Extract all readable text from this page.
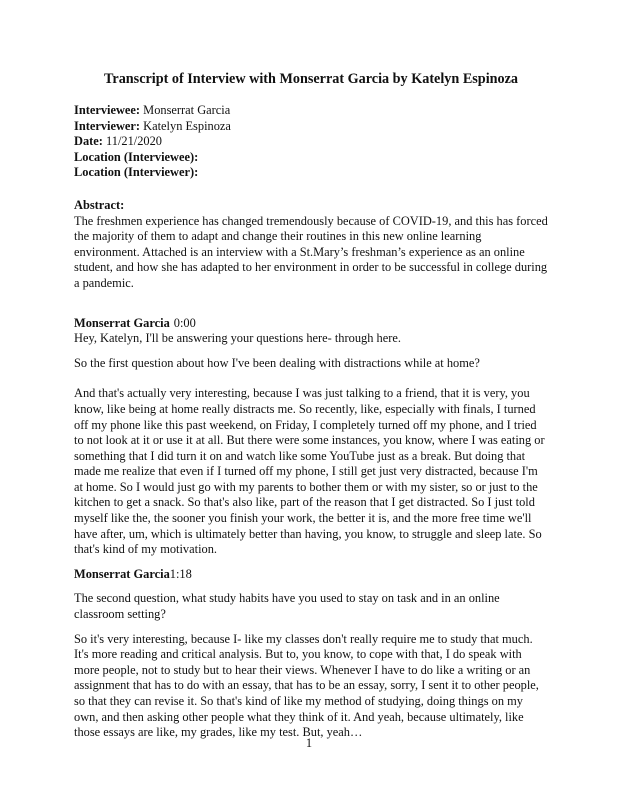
Transcript of Interview with Monserrat Garcia by Katelyn Espinoza

Interviewee: Monserrat Garcia

Interviewer: Katelyn Espinoza

Date: 11/21/2020

Location (Interviewee):

Location (Interviewer):

Abstract:

The freshmen experience has changed tremendously because of COVID-19, and this has forced the majority of them to adapt and change their routines in this new online learning environment. Attached is an interview with a St.Mary’s freshman’s experience as an online student, and how she has adapted to her environment in order to be successful in college during a pandemic.

Monserrat Garcia 0:00

Hey, Katelyn, I'll be answering your questions here- through here.

So the first question about how I've been dealing with distractions while at home?

And that's actually very interesting, because I was just talking to a friend, that it is very, you know, like being at home really distracts me. So recently, like, especially with finals, I turned off my phone like this past weekend, on Friday, I completely turned off my phone, and I tried to not look at it or use it at all. But there were some instances, you know, where I was eating or something that I did turn it on and watch like some YouTube just as a break. But doing that made me realize that even if I turned off my phone, I still get just very distracted, because I'm at home. So I would just go with my parents to bother them or with my sister, so or just to the kitchen to get a snack. So that's also like, part of the reason that I get distracted. So I just told myself like the, the sooner you finish your work, the better it is, and the more free time we'll have after, um, which is ultimately better than having, you know, to struggle and sleep late. So that's kind of my motivation.

Monserrat Garcia1:18

The second question, what study habits have you used to stay on task and in an online classroom setting?

So it's very interesting, because I- like my classes don't really require me to study that much. It's more reading and critical analysis. But to, you know, to cope with that, I do speak with more people, not to study but to hear their views. Whenever I have to do like a writing or an assignment that has to do with an essay, that has to be an essay, sorry, I sent it to other people, so that they can revise it. So that's kind of like my method of studying, doing things on my own, and then asking other people what they think of it. And yeah, because ultimately, like those essays are like, my grades, like my test. But, yeah…

1
